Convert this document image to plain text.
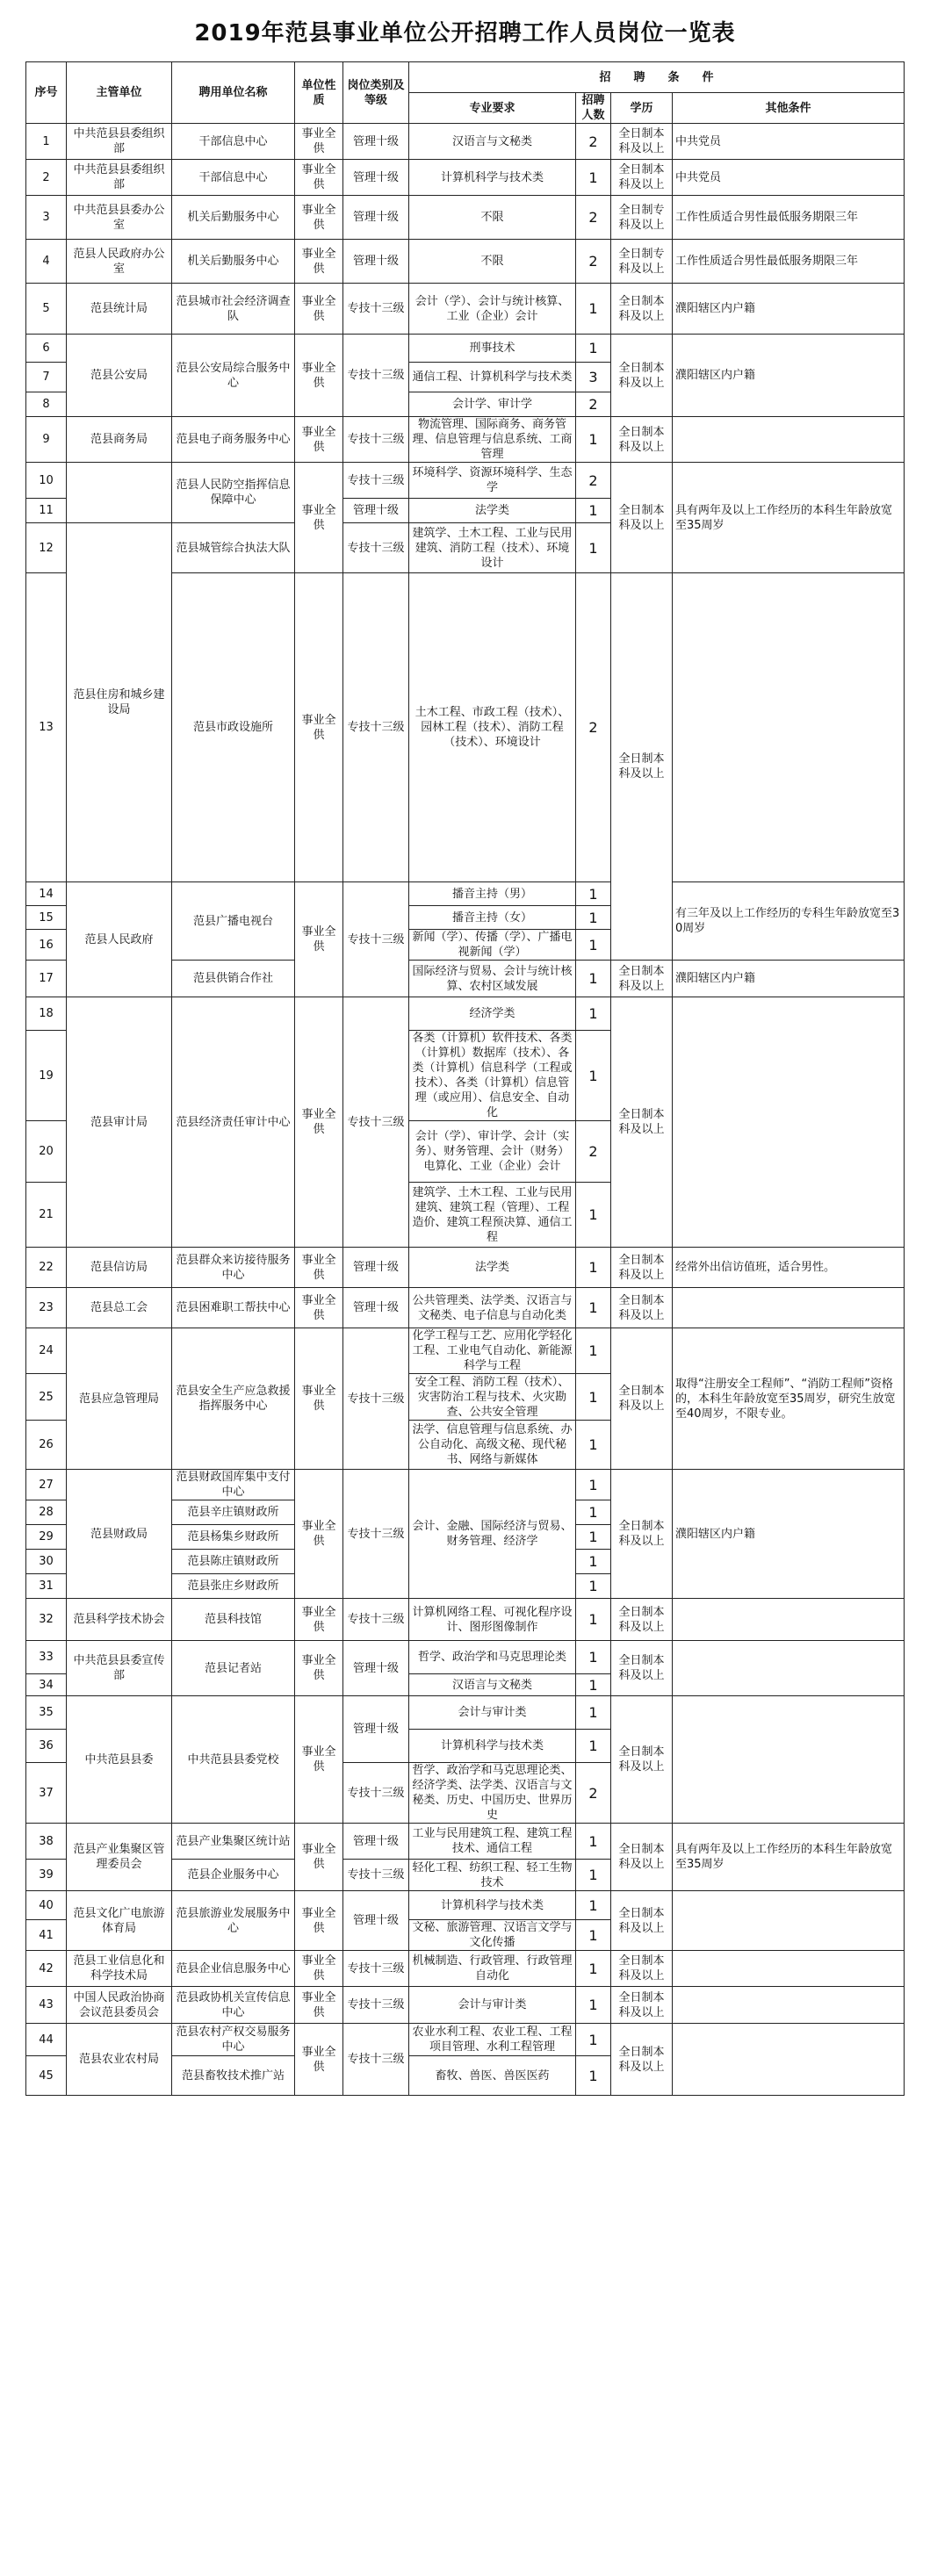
2019年范县事业单位公开招聘工作人员岗位一览表
序号	主管单位	聘用单位名称	单位性质	岗位类别及等级	招　　聘　　条　　件				
					专业要求	招聘人数	学历	其他条件	
1	中共范县县委组织部	干部信息中心	事业全供	管理十级	汉语言与文秘类	2	全日制本科及以上	中共党员	
2	中共范县县委组织部	干部信息中心	事业全供	管理十级	计算机科学与技术类	1	全日制本科及以上	中共党员	
3	中共范县县委办公室	机关后勤服务中心	事业全供	管理十级	不限	2	全日制专科及以上	工作性质适合男性最低服务期限三年	
4	范县人民政府办公室	机关后勤服务中心	事业全供	管理十级	不限	2	全日制专科及以上	工作性质适合男性最低服务期限三年	
5	范县统计局	范县城市社会经济调查队	事业全供	专技十三级	会计（学）、会计与统计核算、工业（企业）会计	1	全日制本科及以上	濮阳辖区内户籍	
6	范县公安局	范县公安局综合服务中心	事业全供	专技十三级	刑事技术	1	全日制本科及以上	濮阳辖区内户籍	
7					通信工程、计算机科学与技术类	3			
8					会计学、审计学	2			
9	范县商务局	范县电子商务服务中心	事业全供	专技十三级	物流管理、国际商务、商务管理、信息管理与信息系统、工商管理	1	全日制本科及以上		
10		范县人民防空指挥信息保障中心	事业全供	专技十三级	环境科学、资源环境科学、生态学	2	全日制本科及以上	具有两年及以上工作经历的本科生年龄放宽至35周岁	
11				管理十级	法学类	1			
12	范县住房和城乡建设局	范县城管综合执法大队		专技十三级	建筑学、土木工程、工业与民用建筑、消防工程（技术）、环境设计	1	
13		范县市政设施所	事业全供	专技十三级	土木工程、市政工程（技术）、园林工程（技术）、消防工程（技术）、环境设计	2	全日制本科及以上		
14	范县人民政府	范县广播电视台	事业全供	专技十三级	播音主持（男）	1		有三年及以上工作经历的专科生年龄放宽至30周岁	
15					播音主持（女）	1			
16					新闻（学）、传播（学）、广播电视新闻（学）	1			
17		范县供销合作社			国际经济与贸易、会计与统计核算、农村区域发展	1	全日制本科及以上	濮阳辖区内户籍	
18	范县审计局	范县经济责任审计中心	事业全供	专技十三级	经济学类	1	全日制本科及以上		
19					各类（计算机）软件技术、各类（计算机）数据库（技术）、各类（计算机）信息科学（工程或技术）、各类（计算机）信息管理（或应用）、信息安全、自动化	1			
20					会计（学）、审计学、会计（实务）、财务管理、会计（财务）电算化、工业（企业）会计	2			
21					建筑学、土木工程、工业与民用建筑、建筑工程（管理）、工程造价、建筑工程预决算、通信工程	1			
22	范县信访局	范县群众来访接待服务中心	事业全供	管理十级	法学类	1	全日制本科及以上	经常外出信访值班，适合男性。	
23	范县总工会	范县困难职工帮扶中心	事业全供	管理十级	公共管理类、法学类、汉语言与文秘类、电子信息与自动化类	1	全日制本科及以上		
24	范县应急管理局	范县安全生产应急救援指挥服务中心	事业全供	专技十三级	化学工程与工艺、应用化学轻化工程、工业电气自动化、新能源科学与工程	1	全日制本科及以上	取得“注册安全工程师”、“消防工程师”资格的，本科生年龄放宽至35周岁，研究生放宽至40周岁，不限专业。	
25					安全工程、消防工程（技术）、灾害防治工程与技术、火灾勘查、公共安全管理	1			
26					法学、信息管理与信息系统、办公自动化、高级文秘、现代秘书、网络与新媒体	1			
27	范县财政局	范县财政国库集中支付中心	事业全供	专技十三级	会计、金融、国际经济与贸易、财务管理、经济学	1	全日制本科及以上	濮阳辖区内户籍	
28		范县辛庄镇财政所				1			
29		范县杨集乡财政所				1			
30		范县陈庄镇财政所				1			
31		范县张庄乡财政所				1			
32	范县科学技术协会	范县科技馆	事业全供	专技十三级	计算机网络工程、可视化程序设计、图形图像制作	1	全日制本科及以上		
33	中共范县县委宣传部	范县记者站	事业全供	管理十级	哲学、政治学和马克思理论类	1	全日制本科及以上		
34					汉语言与文秘类	1			
35	中共范县县委	中共范县县委党校	事业全供	管理十级	会计与审计类	1	全日制本科及以上		
36					计算机科学与技术类	1			
37				专技十三级	哲学、政治学和马克思理论类、经济学类、法学类、汉语言与文秘类、历史、中国历史、世界历史	2			
38	范县产业集聚区管理委员会	范县产业集聚区统计站	事业全供	管理十级	工业与民用建筑工程、建筑工程技术、通信工程	1	全日制本科及以上	具有两年及以上工作经历的本科生年龄放宽至35周岁	
39		范县企业服务中心		专技十三级	轻化工程、纺织工程、轻工生物技术	1			
40	范县文化广电旅游体育局	范县旅游业发展服务中心	事业全供	管理十级	计算机科学与技术类	1	全日制本科及以上		
41					文秘、旅游管理、汉语言文学与文化传播	1			
42	范县工业信息化和科学技术局	范县企业信息服务中心	事业全供	专技十三级	机械制造、行政管理、行政管理自动化	1	全日制本科及以上		
43	中国人民政治协商会议范县委员会	范县政协机关宣传信息中心	事业全供	专技十三级	会计与审计类	1	全日制本科及以上		
44	范县农业农村局	范县农村产权交易服务中心	事业全供	专技十三级	农业水利工程、农业工程、工程项目管理、水利工程管理	1	全日制本科及以上		
45		范县畜牧技术推广站			畜牧、兽医、兽医医药	1			
